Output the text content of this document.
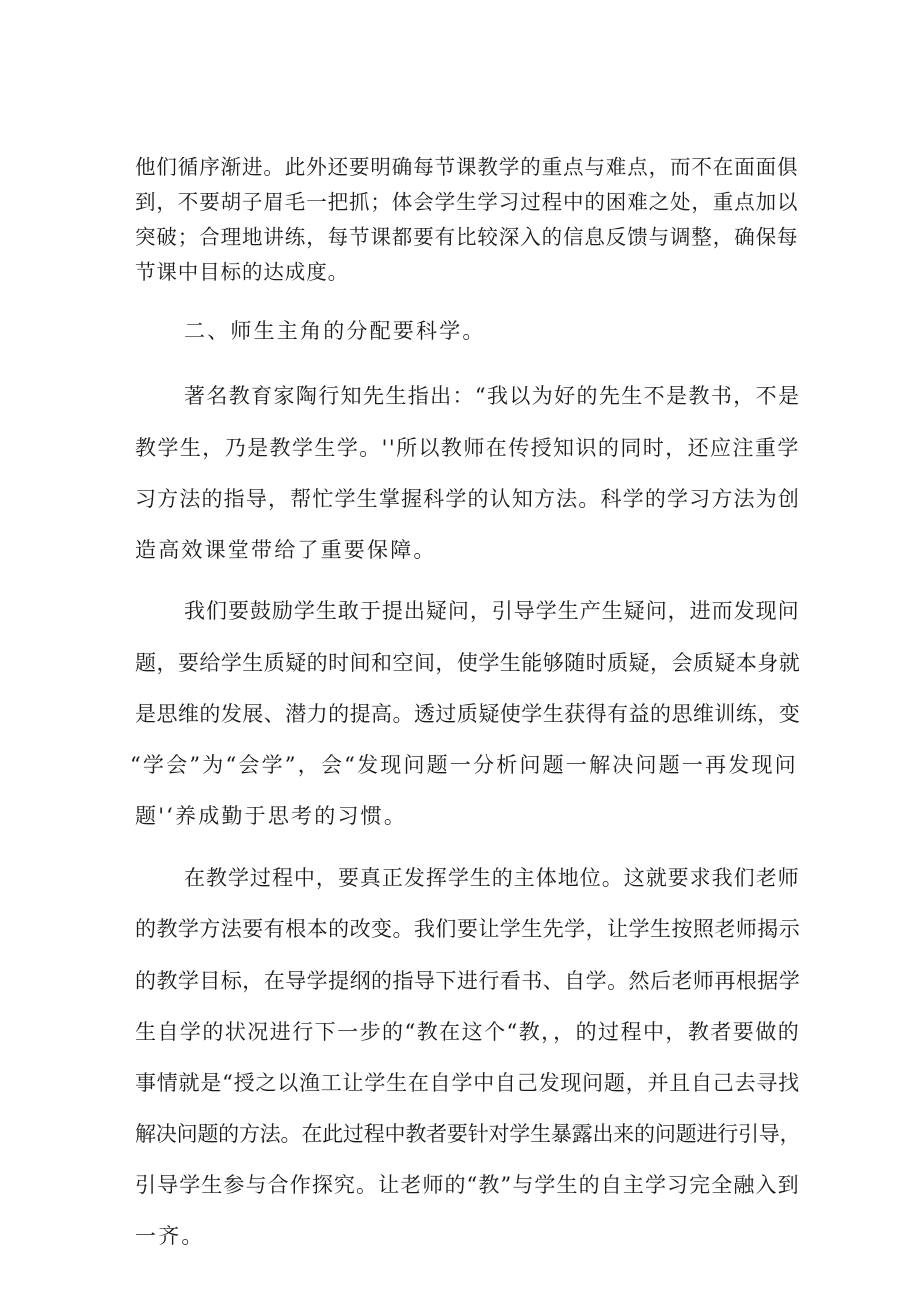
他们循序渐进。此外还要明确每节课教学的重点与难点，而不在面面俱
到，不要胡子眉毛一把抓；体会学生学习过程中的困难之处，重点加以
突破；合理地讲练，每节课都要有比较深入的信息反馈与调整，确保每
节课中目标的达成度。
二、师生主角的分配要科学。
著名教育家陶行知先生指出：“我以为好的先生不是教书，不是
教学生，乃是教学生学。''所以教师在传授知识的同时，还应注重学
习方法的指导，帮忙学生掌握科学的认知方法。科学的学习方法为创
造高效课堂带给了重要保障。
我们要鼓励学生敢于提出疑问，引导学生产生疑问，进而发现问
题，要给学生质疑的时间和空间，使学生能够随时质疑，会质疑本身就
是思维的发展、潜力的提高。透过质疑使学生获得有益的思维训练，变
“学会”为“会学”，会“发现问题一分析问题一解决问题一再发现问
题'‘养成勤于思考的习惯。
在教学过程中，要真正发挥学生的主体地位。这就要求我们老师
的教学方法要有根本的改变。我们要让学生先学，让学生按照老师揭示
的教学目标，在导学提纲的指导下进行看书、自学。然后老师再根据学
生自学的状况进行下一步的“教在这个“教，，的过程中，教者要做的
事情就是“授之以渔工让学生在自学中自己发现问题，并且自己去寻找
解决问题的方法。在此过程中教者要针对学生暴露出来的问题进行引导，
引导学生参与合作探究。让老师的“教”与学生的自主学习完全融入到
一齐。
